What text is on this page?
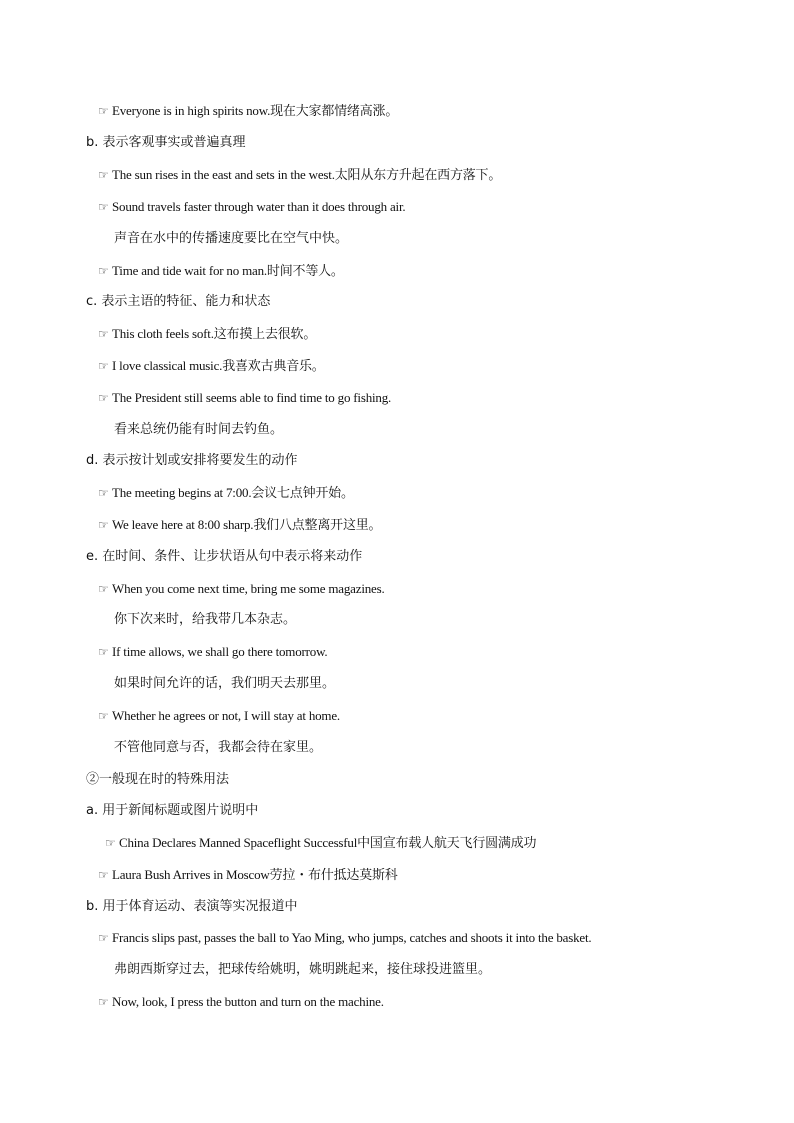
☞ Everyone is in high spirits now.现在大家都情绪高涨。
b. 表示客观事实或普遍真理
☞ The sun rises in the east and sets in the west.太阳从东方升起在西方落下。
☞ Sound travels faster through water than it does through air.
声音在水中的传播速度要比在空气中快。
☞ Time and tide wait for no man.时间不等人。
c. 表示主语的特征、能力和状态
☞ This cloth feels soft.这布摸上去很软。
☞ I love classical music.我喜欢古典音乐。
☞ The President still seems able to find time to go fishing.
看来总统仍能有时间去钓鱼。
d. 表示按计划或安排将要发生的动作
☞ The meeting begins at 7:00.会议七点钟开始。
☞ We leave here at 8:00 sharp.我们八点整离开这里。
e. 在时间、条件、让步状语从句中表示将来动作
☞ When you come next time, bring me some magazines.
你下次来时，给我带几本杂志。
☞ If time allows, we shall go there tomorrow.
如果时间允许的话，我们明天去那里。
☞ Whether he agrees or not, I will stay at home.
不管他同意与否，我都会待在家里。
②一般现在时的特殊用法
a. 用于新闻标题或图片说明中
☞ China Declares Manned Spaceflight Successful中国宣布载人航天飞行圆满成功
☞ Laura Bush Arrives in Moscow劳拉・布什抵达莫斯科
b. 用于体育运动、表演等实况报道中
☞ Francis slips past, passes the ball to Yao Ming, who jumps, catches and shoots it into the basket.
弗朗西斯穿过去，把球传给姚明，姚明跳起来，接住球投进篮里。
☞ Now, look, I press the button and turn on the machine.
